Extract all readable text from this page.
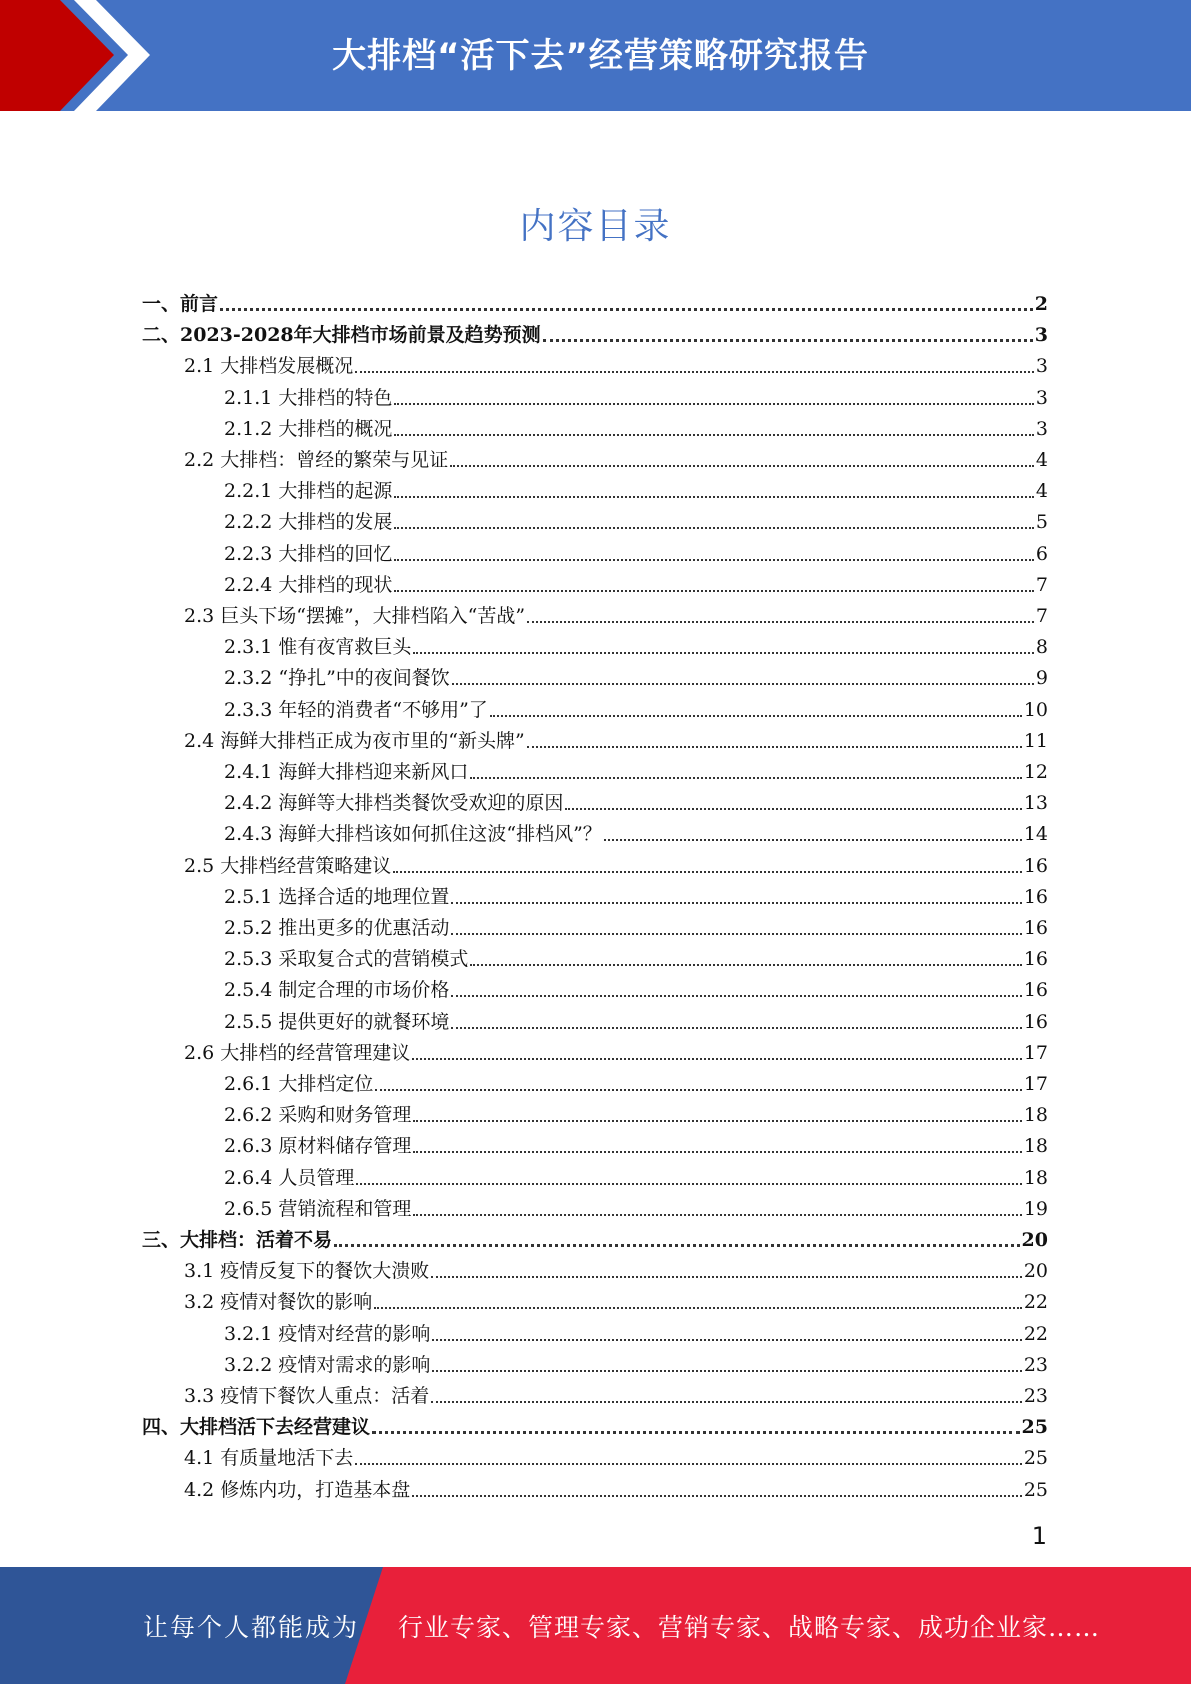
大排档“活下去”经营策略研究报告
内容目录
一、前言	2
二、2023-2028年大排档市场前景及趋势预测	3
2.1 大排档发展概况	3
2.1.1 大排档的特色	3
2.1.2 大排档的概况	3
2.2 大排档：曾经的繁荣与见证	4
2.2.1 大排档的起源	4
2.2.2 大排档的发展	5
2.2.3 大排档的回忆	6
2.2.4 大排档的现状	7
2.3 巨头下场“摆摊”，大排档陷入“苦战”	7
2.3.1 惟有夜宵救巨头	8
2.3.2 “挣扎”中的夜间餐饮	9
2.3.3 年轻的消费者“不够用”了	10
2.4 海鲜大排档正成为夜市里的“新头牌”	11
2.4.1 海鲜大排档迎来新风口	12
2.4.2 海鲜等大排档类餐饮受欢迎的原因	13
2.4.3 海鲜大排档该如何抓住这波“排档风”？	14
2.5 大排档经营策略建议	16
2.5.1 选择合适的地理位置	16
2.5.2 推出更多的优惠活动	16
2.5.3 采取复合式的营销模式	16
2.5.4 制定合理的市场价格	16
2.5.5 提供更好的就餐环境	16
2.6 大排档的经营管理建议	17
2.6.1 大排档定位	17
2.6.2 采购和财务管理	18
2.6.3 原材料储存管理	18
2.6.4 人员管理	18
2.6.5 营销流程和管理	19
三、大排档：活着不易	20
3.1 疫情反复下的餐饮大溃败	20
3.2 疫情对餐饮的影响	22
3.2.1 疫情对经营的影响	22
3.2.2 疫情对需求的影响	23
3.3 疫情下餐饮人重点：活着	23
四、大排档活下去经营建议	25
4.1 有质量地活下去	25
4.2 修炼内功，打造基本盘	25
1
让每个人都能成为 行业专家、管理专家、营销专家、战略专家、成功企业家……
